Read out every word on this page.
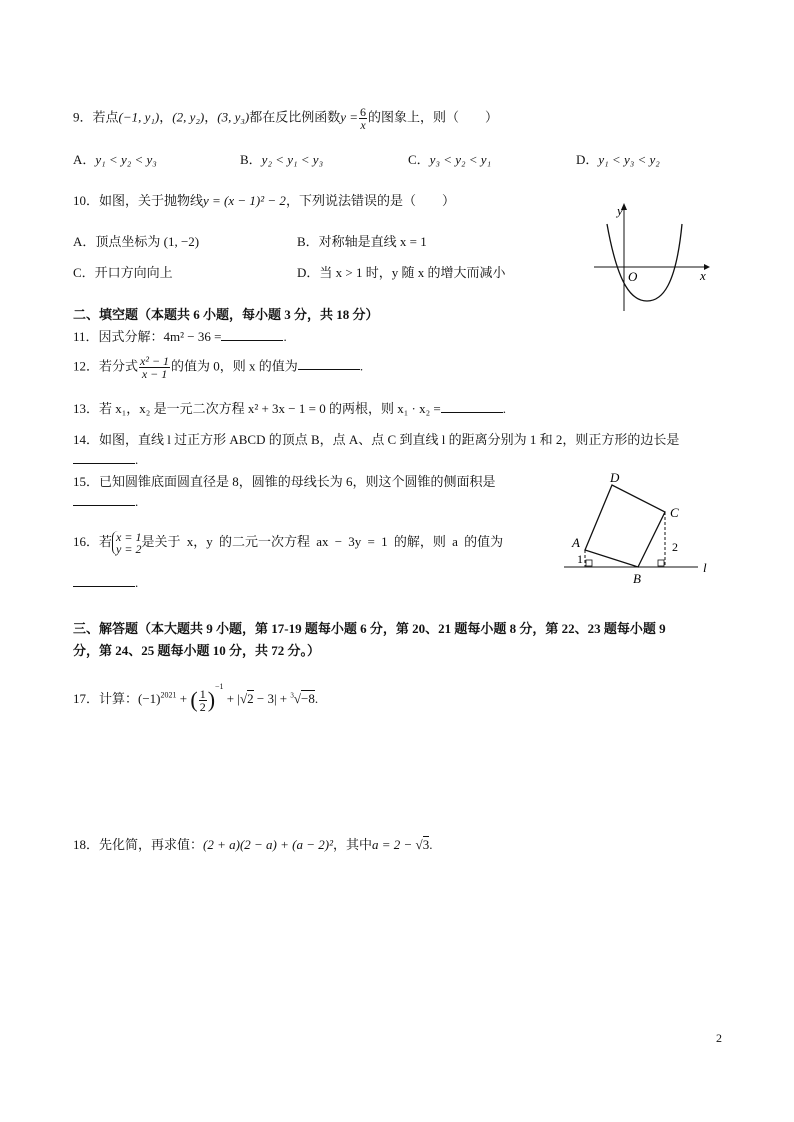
9．若点(−1, y₁)，(2, y₂)，(3, y₃)都在反比例函数$y = \frac{6}{x}$ 的图象上，则（　　）
A．y₁ < y₂ < y₃	B．y₂ < y₁ < y₃	C．y₃ < y₂ < y₁	D．y₁ < y₃ < y₂
10．如图，关于抛物线y = (x − 1)² − 2，下列说法错误的是（　　）
A．顶点坐标为 (1, −2)	B．对称轴是直线 x = 1
C．开口方向向上	D．当 x > 1 时，y 随 x 的增大而减小
y
x
O
二、填空题（本题共 6 小题，每小题 3 分，共 18 分）
11．因式分解：4m² − 36 =	.
12．若分式 $\frac{\text{x² − 1}}{x - 1}$ 的值为 0，则 x 的值为	.
13．若 x₁，x₂ 是一元二次方程 x² + 3x − 1 = 0 的两根，则 x₁ · x₂ =	.
14．如图，直线 l 过正方形 ABCD 的顶点 B，点 A、点 C 到直线 l 的距离分别为 1 和 2，则正方形的边长是
.
15．已知圆锥底面圆直径是 8，圆锥的母线长为 6，则这个圆锥的侧面积是
.
16．若 x = 1
y = 2
是关于 x，y 的二元一次方程 ax − 3y = 1 的解，则 a 的值为
.
A
B
C
D
l
1
2
三、解答题（本大题共 9 小题，第 17-19 题每小题 6 分，第 20、21 题每小题 8 分，第 22、23 题每小题 9
分，第 24、25 题每小题 10 分，共 72 分。）
17．计算：$(-1)^{2021}$ + ( $\frac{1}{2} )^{-1} + |√2 - 3| + ^3√-8$.
18．先化简，再求值：(2 + a)(2 − a) + (a − 2)²，其中a = 2 − √3.
2
